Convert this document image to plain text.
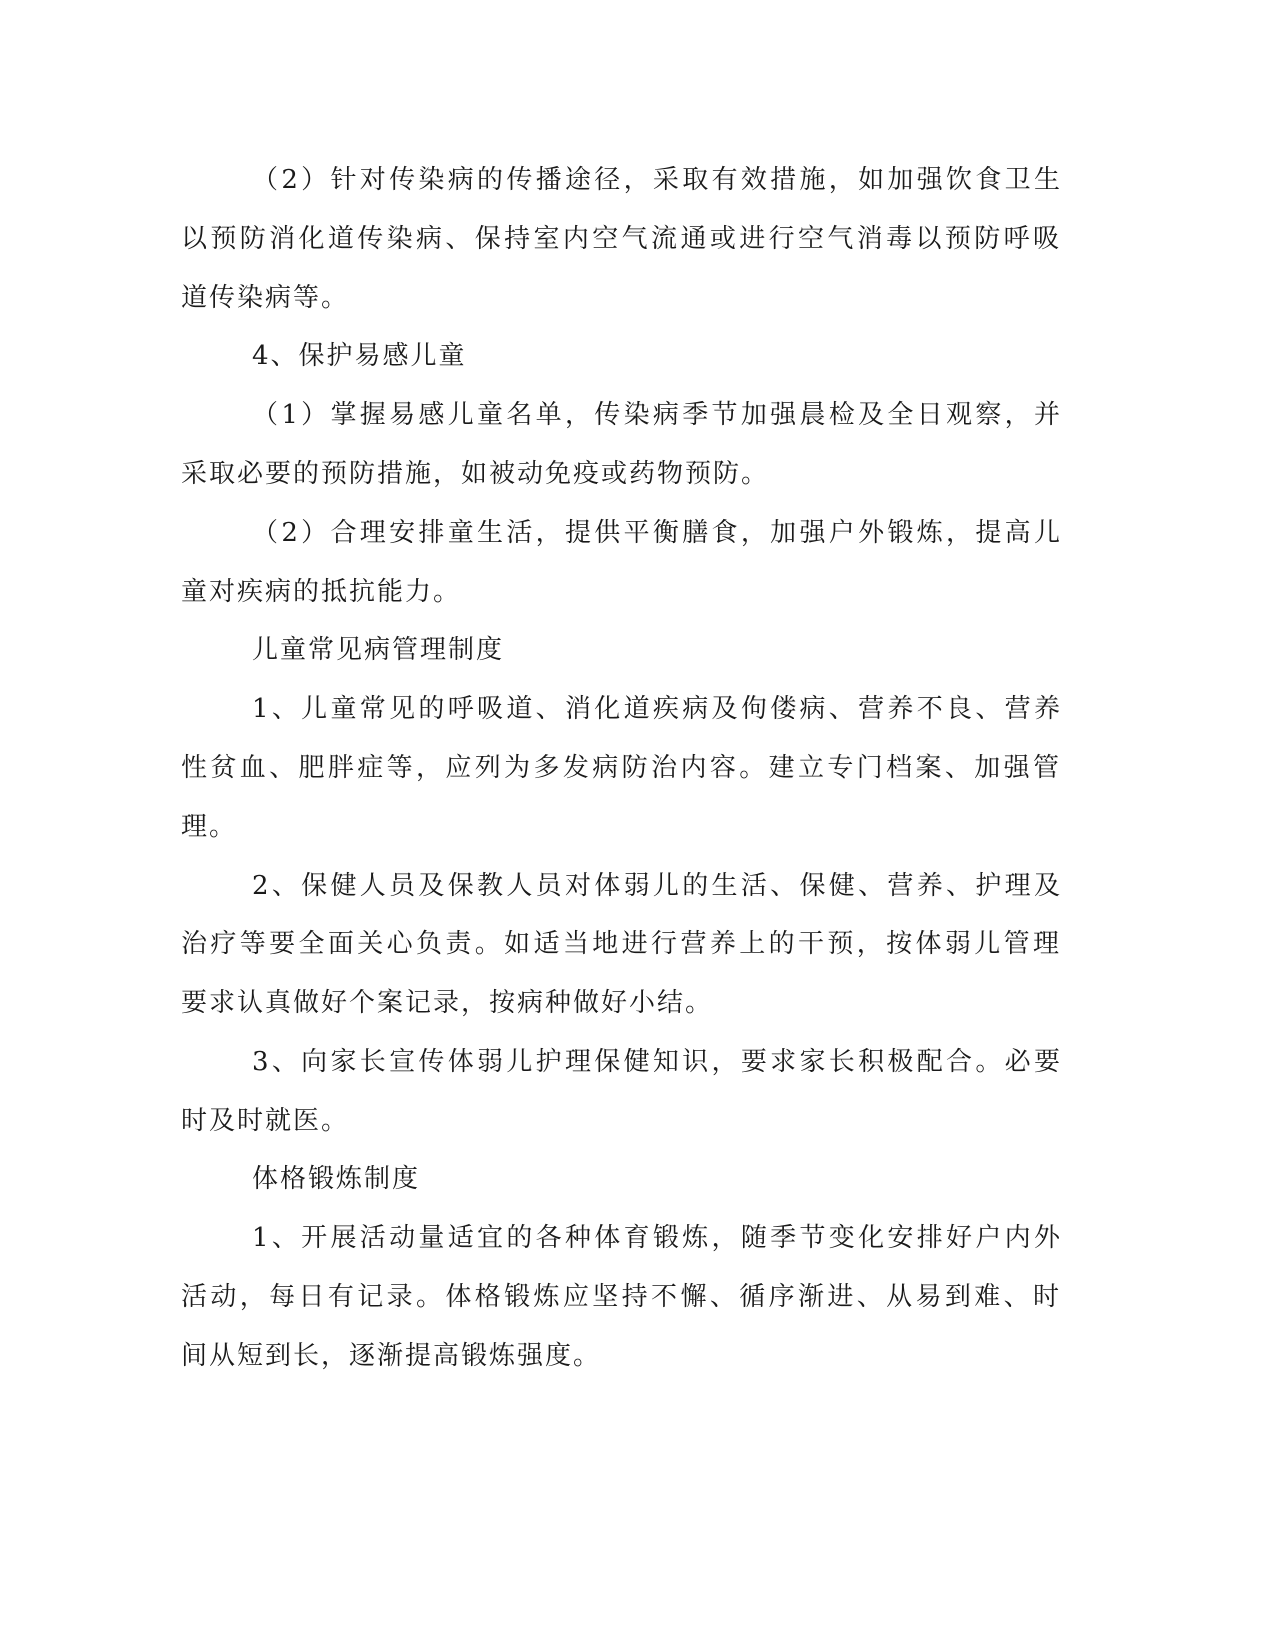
（2）针对传染病的传播途径，采取有效措施，如加强饮食卫生
以预防消化道传染病、保持室内空气流通或进行空气消毒以预防呼吸
道传染病等。
4、保护易感儿童
（1）掌握易感儿童名单，传染病季节加强晨检及全日观察，并
采取必要的预防措施，如被动免疫或药物预防。
（2）合理安排童生活，提供平衡膳食，加强户外锻炼，提高儿
童对疾病的抵抗能力。
儿童常见病管理制度
1、儿童常见的呼吸道、消化道疾病及佝偻病、营养不良、营养
性贫血、肥胖症等，应列为多发病防治内容。建立专门档案、加强管
理。
2、保健人员及保教人员对体弱儿的生活、保健、营养、护理及
治疗等要全面关心负责。如适当地进行营养上的干预，按体弱儿管理
要求认真做好个案记录，按病种做好小结。
3、向家长宣传体弱儿护理保健知识，要求家长积极配合。必要
时及时就医。
体格锻炼制度
1、开展活动量适宜的各种体育锻炼，随季节变化安排好户内外
活动，每日有记录。体格锻炼应坚持不懈、循序渐进、从易到难、时
间从短到长，逐渐提高锻炼强度。
